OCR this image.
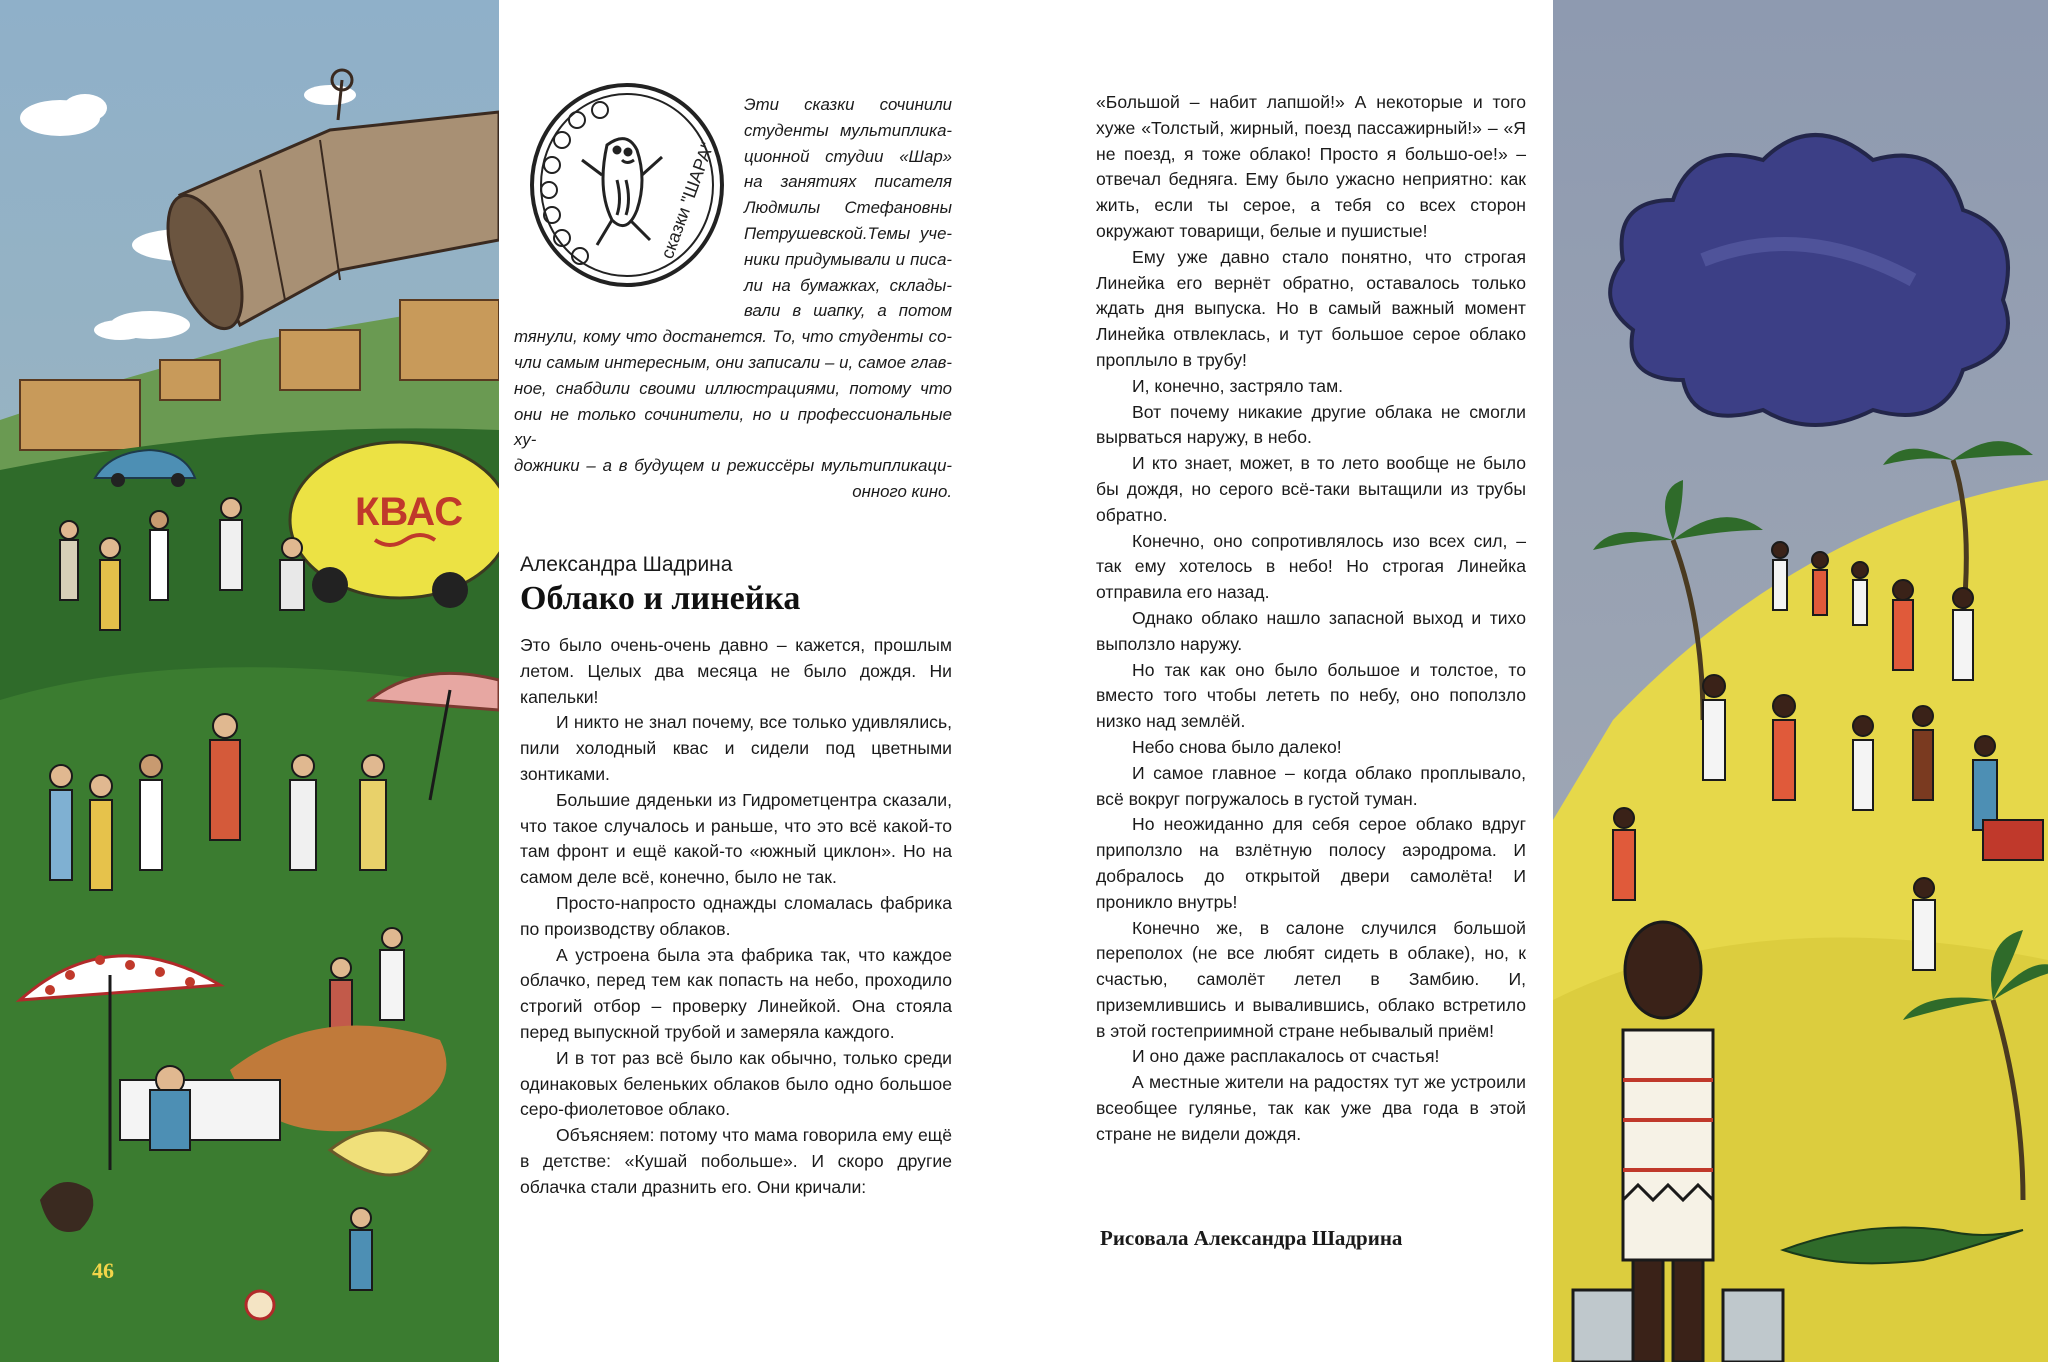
КВАС
46
сказки "ШАРА"
Эти сказки сочинили
студенты мультиплика-
ционной студии «Шар»
на занятиях писателя
Людмилы Стефановны
Петрушевской.Темы уче-
ники придумывали и писа-
ли на бумажках, склады-
вали в шапку, а потом
тянули, кому что достанется. То, что студенты со-
чли самым интересным, они записали – и, самое глав-
ное, снабдили своими иллюстрациями, потому что
они не только сочинители, но и профессиональные ху-
дожники – а в будущем и режиссёры мультипликаци-
онного кино.
Александра Шадрина
Облако и линейка

Это было очень-очень давно – кажется, прошлым летом. Целых два месяца не было дождя. Ни капельки!

И никто не знал почему, все только удивлялись, пили холодный квас и сидели под цветными зонтиками.

Большие дяденьки из Гидрометцентра сказали, что такое случалось и раньше, что это всё какой-то там фронт и ещё какой-то «южный циклон». Но на самом деле всё, конечно, было не так.

Просто-напросто однажды сломалась фабрика по производству облаков.

А устроена была эта фабрика так, что каждое облачко, перед тем как попасть на небо, проходило строгий отбор – проверку Линейкой. Она стояла перед выпускной трубой и замеряла каждого.

И в тот раз всё было как обычно, только среди одинаковых беленьких облаков было одно большое серо-фиолетовое облако.

Объясняем: потому что мама говорила ему ещё в детстве: «Кушай побольше». И скоро другие облачка стали дразнить его. Они кричали:

«Большой – набит лапшой!» А некоторые и того хуже «Толстый, жирный, поезд пассажирный!» – «Я не поезд, я тоже облако! Просто я большо-ое!» – отвечал бедняга. Ему было ужасно неприятно: как жить, если ты серое, а тебя со всех сторон окружают товарищи, белые и пушистые!

Ему уже давно стало понятно, что строгая Линейка его вернёт обратно, оставалось только ждать дня выпуска. Но в самый важный момент Линейка отвлеклась, и тут большое серое облако проплыло в трубу!

И, конечно, застряло там.

Вот почему никакие другие облака не смогли вырваться наружу, в небо.

И кто знает, может, в то лето вообще не было бы дождя, но серого всё-таки вытащили из трубы обратно.

Конечно, оно сопротивлялось изо всех сил, – так ему хотелось в небо! Но строгая Линейка отправила его назад.

Однако облако нашло запасной выход и тихо выползло наружу.

Но так как оно было большое и толстое, то вместо того чтобы лететь по небу, оно поползло низко над землёй.

Небо снова было далеко!

И самое главное – когда облако проплывало, всё вокруг погружалось в густой туман.

Но неожиданно для себя серое облако вдруг приползло на взлётную полосу аэродрома. И добралось до открытой двери самолёта! И проникло внутрь!

Конечно же, в салоне случился большой переполох (не все любят сидеть в облаке), но, к счастью, самолёт летел в Замбию. И, приземлившись и вывалившись, облако встретило в этой гостеприимной стране небывалый приём!

И оно даже расплакалось от счастья!

А местные жители на радостях тут же устроили всеобщее гулянье, так как уже два года в этой стране не видели дождя.

Рисовала Александра Шадрина
